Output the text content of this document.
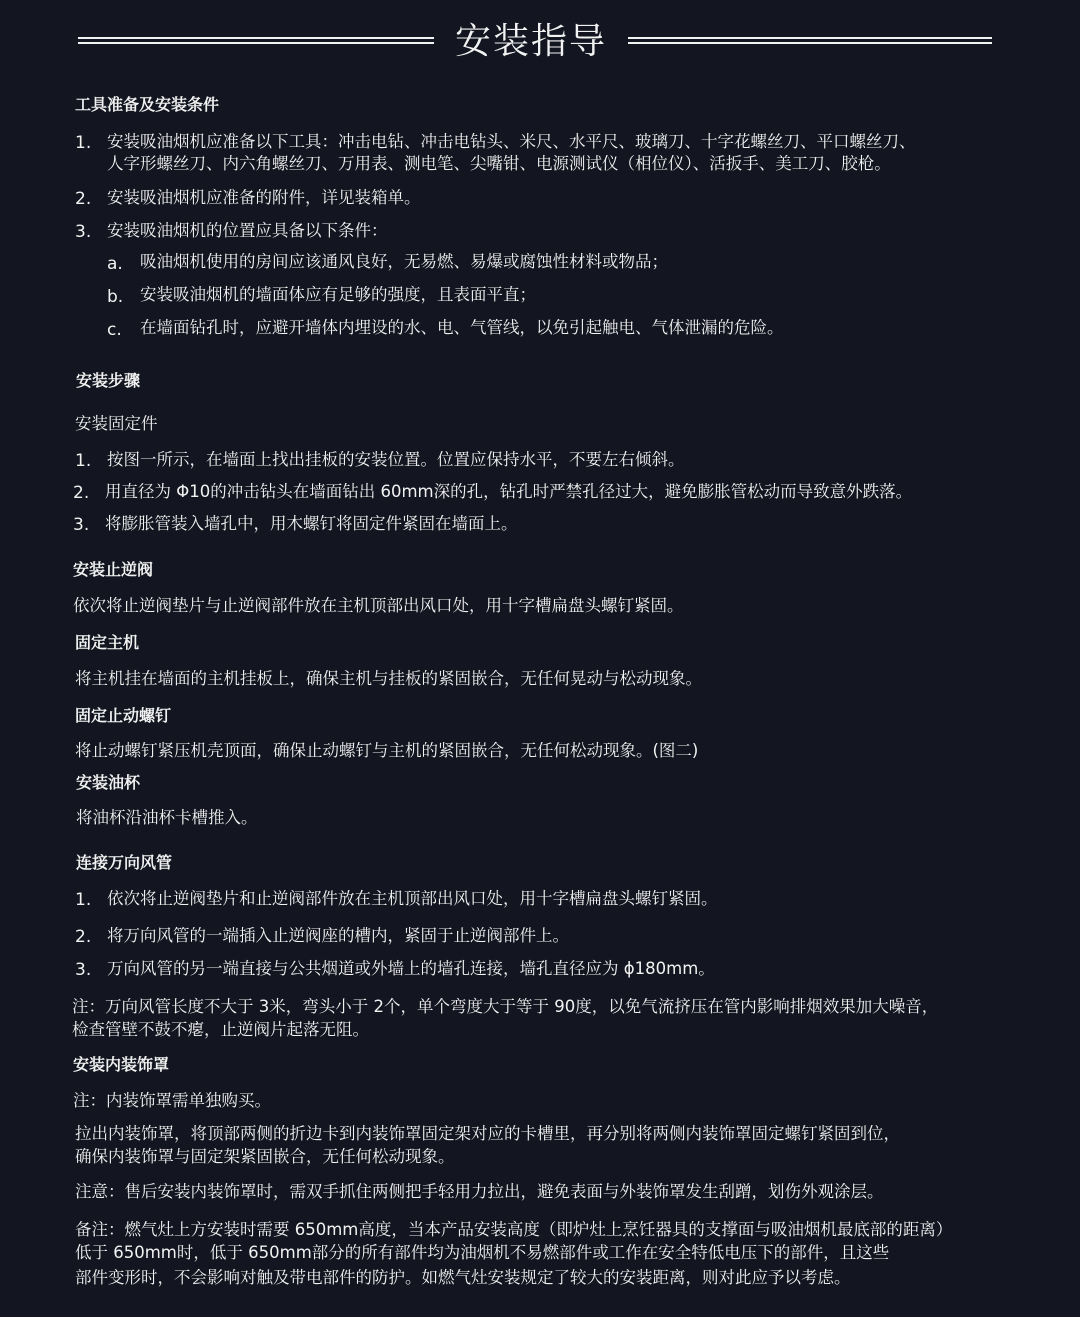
安装指导
工具准备及安装条件
1. 安装吸油烟机应准备以下工具：冲击电钻、冲击电钻头、米尺、水平尺、玻璃刀、十字花螺丝刀、平口螺丝刀、
人字形螺丝刀、内六角螺丝刀、万用表、测电笔、尖嘴钳、电源测试仪（相位仪）、活扳手、美工刀、胶枪。
2. 安装吸油烟机应准备的附件，详见装箱单。
3. 安装吸油烟机的位置应具备以下条件：
a. 吸油烟机使用的房间应该通风良好，无易燃、易爆或腐蚀性材料或物品；
b. 安装吸油烟机的墙面体应有足够的强度，且表面平直；
c. 在墙面钻孔时，应避开墙体内埋设的水、电、气管线，以免引起触电、气体泄漏的危险。
安装步骤
安装固定件
1. 按图一所示，在墙面上找出挂板的安装位置。位置应保持水平，不要左右倾斜。
2. 用直径为 Φ10的冲击钻头在墙面钻出 60mm深的孔，钻孔时严禁孔径过大，避免膨胀管松动而导致意外跌落。
3. 将膨胀管装入墙孔中，用木螺钉将固定件紧固在墙面上。
安装止逆阀
依次将止逆阀垫片与止逆阀部件放在主机顶部出风口处，用十字槽扁盘头螺钉紧固。
固定主机
将主机挂在墙面的主机挂板上，确保主机与挂板的紧固嵌合，无任何晃动与松动现象。
固定止动螺钉
将止动螺钉紧压机壳顶面，确保止动螺钉与主机的紧固嵌合，无任何松动现象。(图二)
安装油杯
将油杯沿油杯卡槽推入。
连接万向风管
1. 依次将止逆阀垫片和止逆阀部件放在主机顶部出风口处，用十字槽扁盘头螺钉紧固。
2. 将万向风管的一端插入止逆阀座的槽内，紧固于止逆阀部件上。
3. 万向风管的另一端直接与公共烟道或外墙上的墙孔连接，墙孔直径应为 ϕ180mm。
注：万向风管长度不大于 3米，弯头小于 2个，单个弯度大于等于 90度，以免气流挤压在管内影响排烟效果加大噪音，
检查管壁不鼓不瘪，止逆阀片起落无阻。
安装内装饰罩
注：内装饰罩需单独购买。
拉出内装饰罩，将顶部两侧的折边卡到内装饰罩固定架对应的卡槽里，再分别将两侧内装饰罩固定螺钉紧固到位，
确保内装饰罩与固定架紧固嵌合，无任何松动现象。
注意：售后安装内装饰罩时，需双手抓住两侧把手轻用力拉出，避免表面与外装饰罩发生刮蹭，划伤外观涂层。
备注：燃气灶上方安装时需要 650mm高度，当本产品安装高度（即炉灶上烹饪器具的支撑面与吸油烟机最底部的距离）
低于 650mm时，低于 650mm部分的所有部件均为油烟机不易燃部件或工作在安全特低电压下的部件，且这些
部件变形时，不会影响对触及带电部件的防护。如燃气灶安装规定了较大的安装距离，则对此应予以考虑。
